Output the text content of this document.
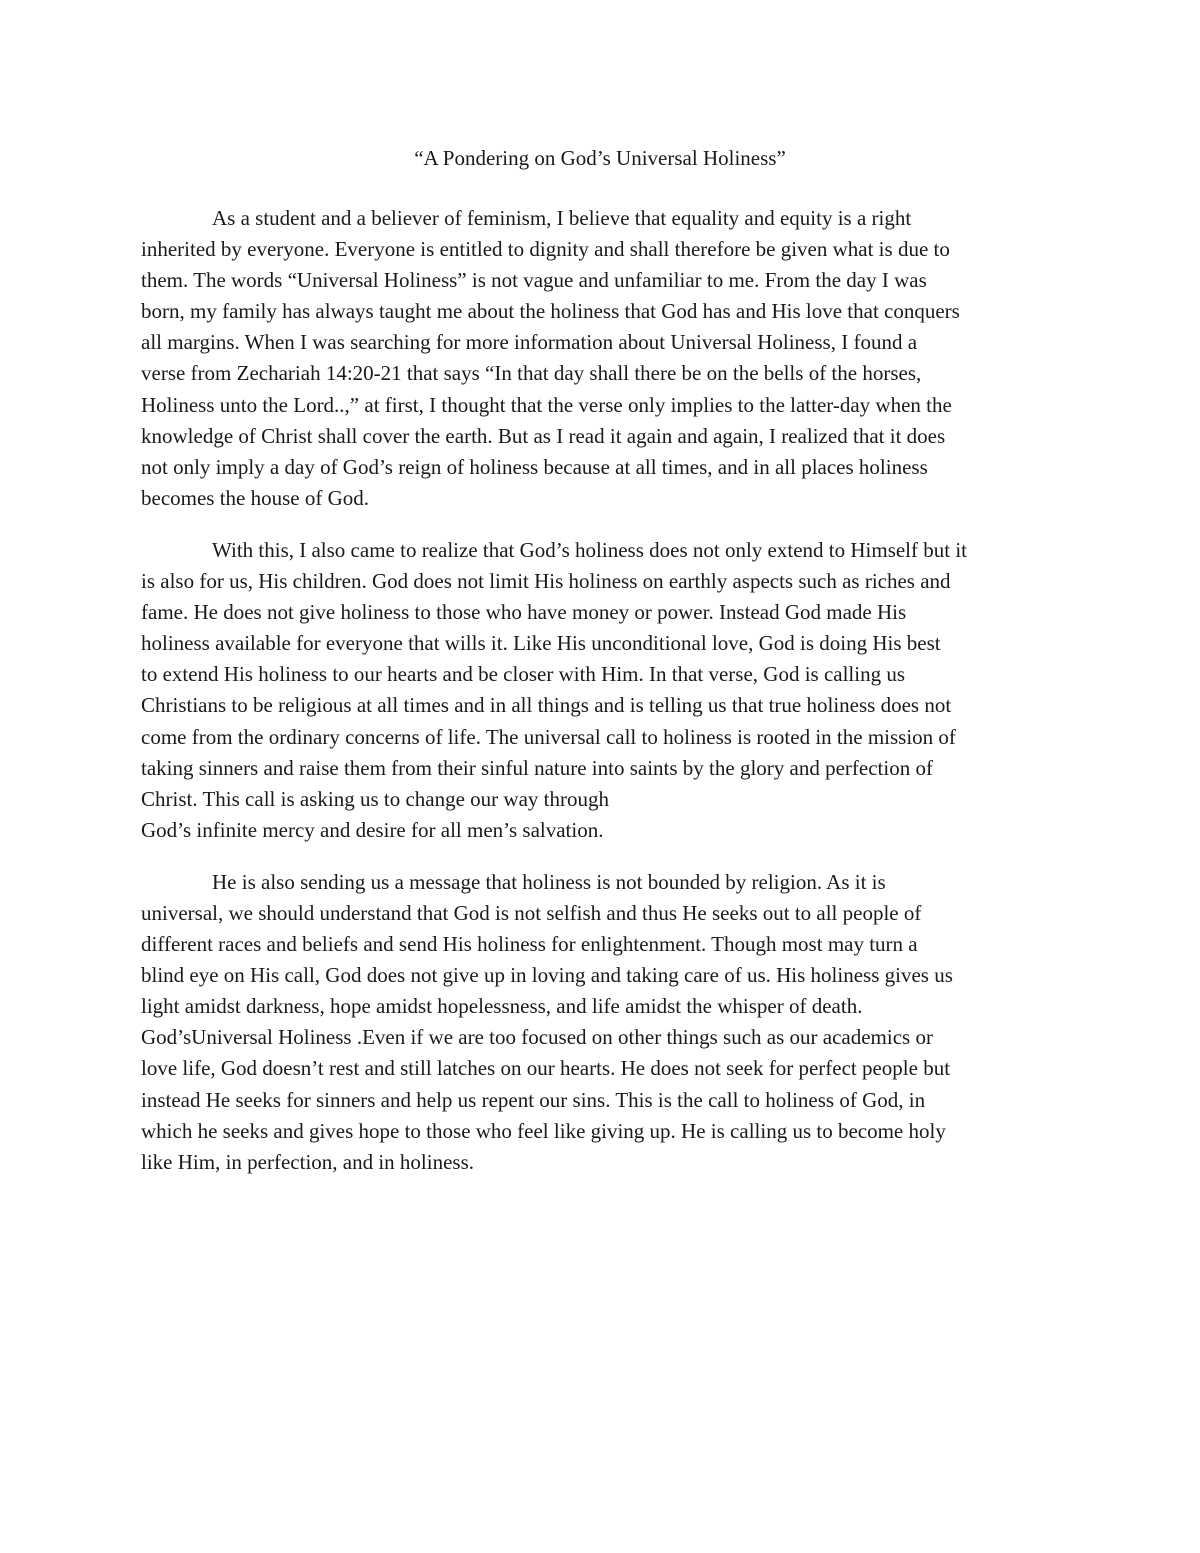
“A Pondering on God’s Universal Holiness”

As a student and a believer of feminism, I believe that equality and equity is a right
inherited by everyone. Everyone is entitled to dignity and shall therefore be given what is due to
them. The words “Universal Holiness” is not vague and unfamiliar to me. From the day I was
born, my family has always taught me about the holiness that God has and His love that conquers
all margins. When I was searching for more information about Universal Holiness, I found a
verse from Zechariah 14:20-21 that says “In that day shall there be on the bells of the horses,
Holiness unto the Lord..,” at first, I thought that the verse only implies to the latter-day when the
knowledge of Christ shall cover the earth. But as I read it again and again, I realized that it does
not only imply a day of God’s reign of holiness because at all times, and in all places holiness
becomes the house of God.

With this, I also came to realize that God’s holiness does not only extend to Himself but it
is also for us, His children. God does not limit His holiness on earthly aspects such as riches and
fame. He does not give holiness to those who have money or power. Instead God made His
holiness available for everyone that wills it. Like His unconditional love, God is doing His best
to extend His holiness to our hearts and be closer with Him. In that verse, God is calling us
Christians to be religious at all times and in all things and is telling us that true holiness does not
come from the ordinary concerns of life. The universal call to holiness is rooted in the mission of
taking sinners and raise them from their sinful nature into saints by the glory and perfection of
Christ. This call is asking us to change our way through
God’s infinite mercy and desire for all men’s salvation.

He is also sending us a message that holiness is not bounded by religion. As it is
universal, we should understand that God is not selfish and thus He seeks out to all people of
different races and beliefs and send His holiness for enlightenment. Though most may turn a
blind eye on His call, God does not give up in loving and taking care of us. His holiness gives us
light amidst darkness, hope amidst hopelessness, and life amidst the whisper of death.
God’sUniversal Holiness .Even if we are too focused on other things such as our academics or
love life, God doesn’t rest and still latches on our hearts. He does not seek for perfect people but
instead He seeks for sinners and help us repent our sins. This is the call to holiness of God, in
which he seeks and gives hope to those who feel like giving up. He is calling us to become holy
like Him, in perfection, and in holiness.
